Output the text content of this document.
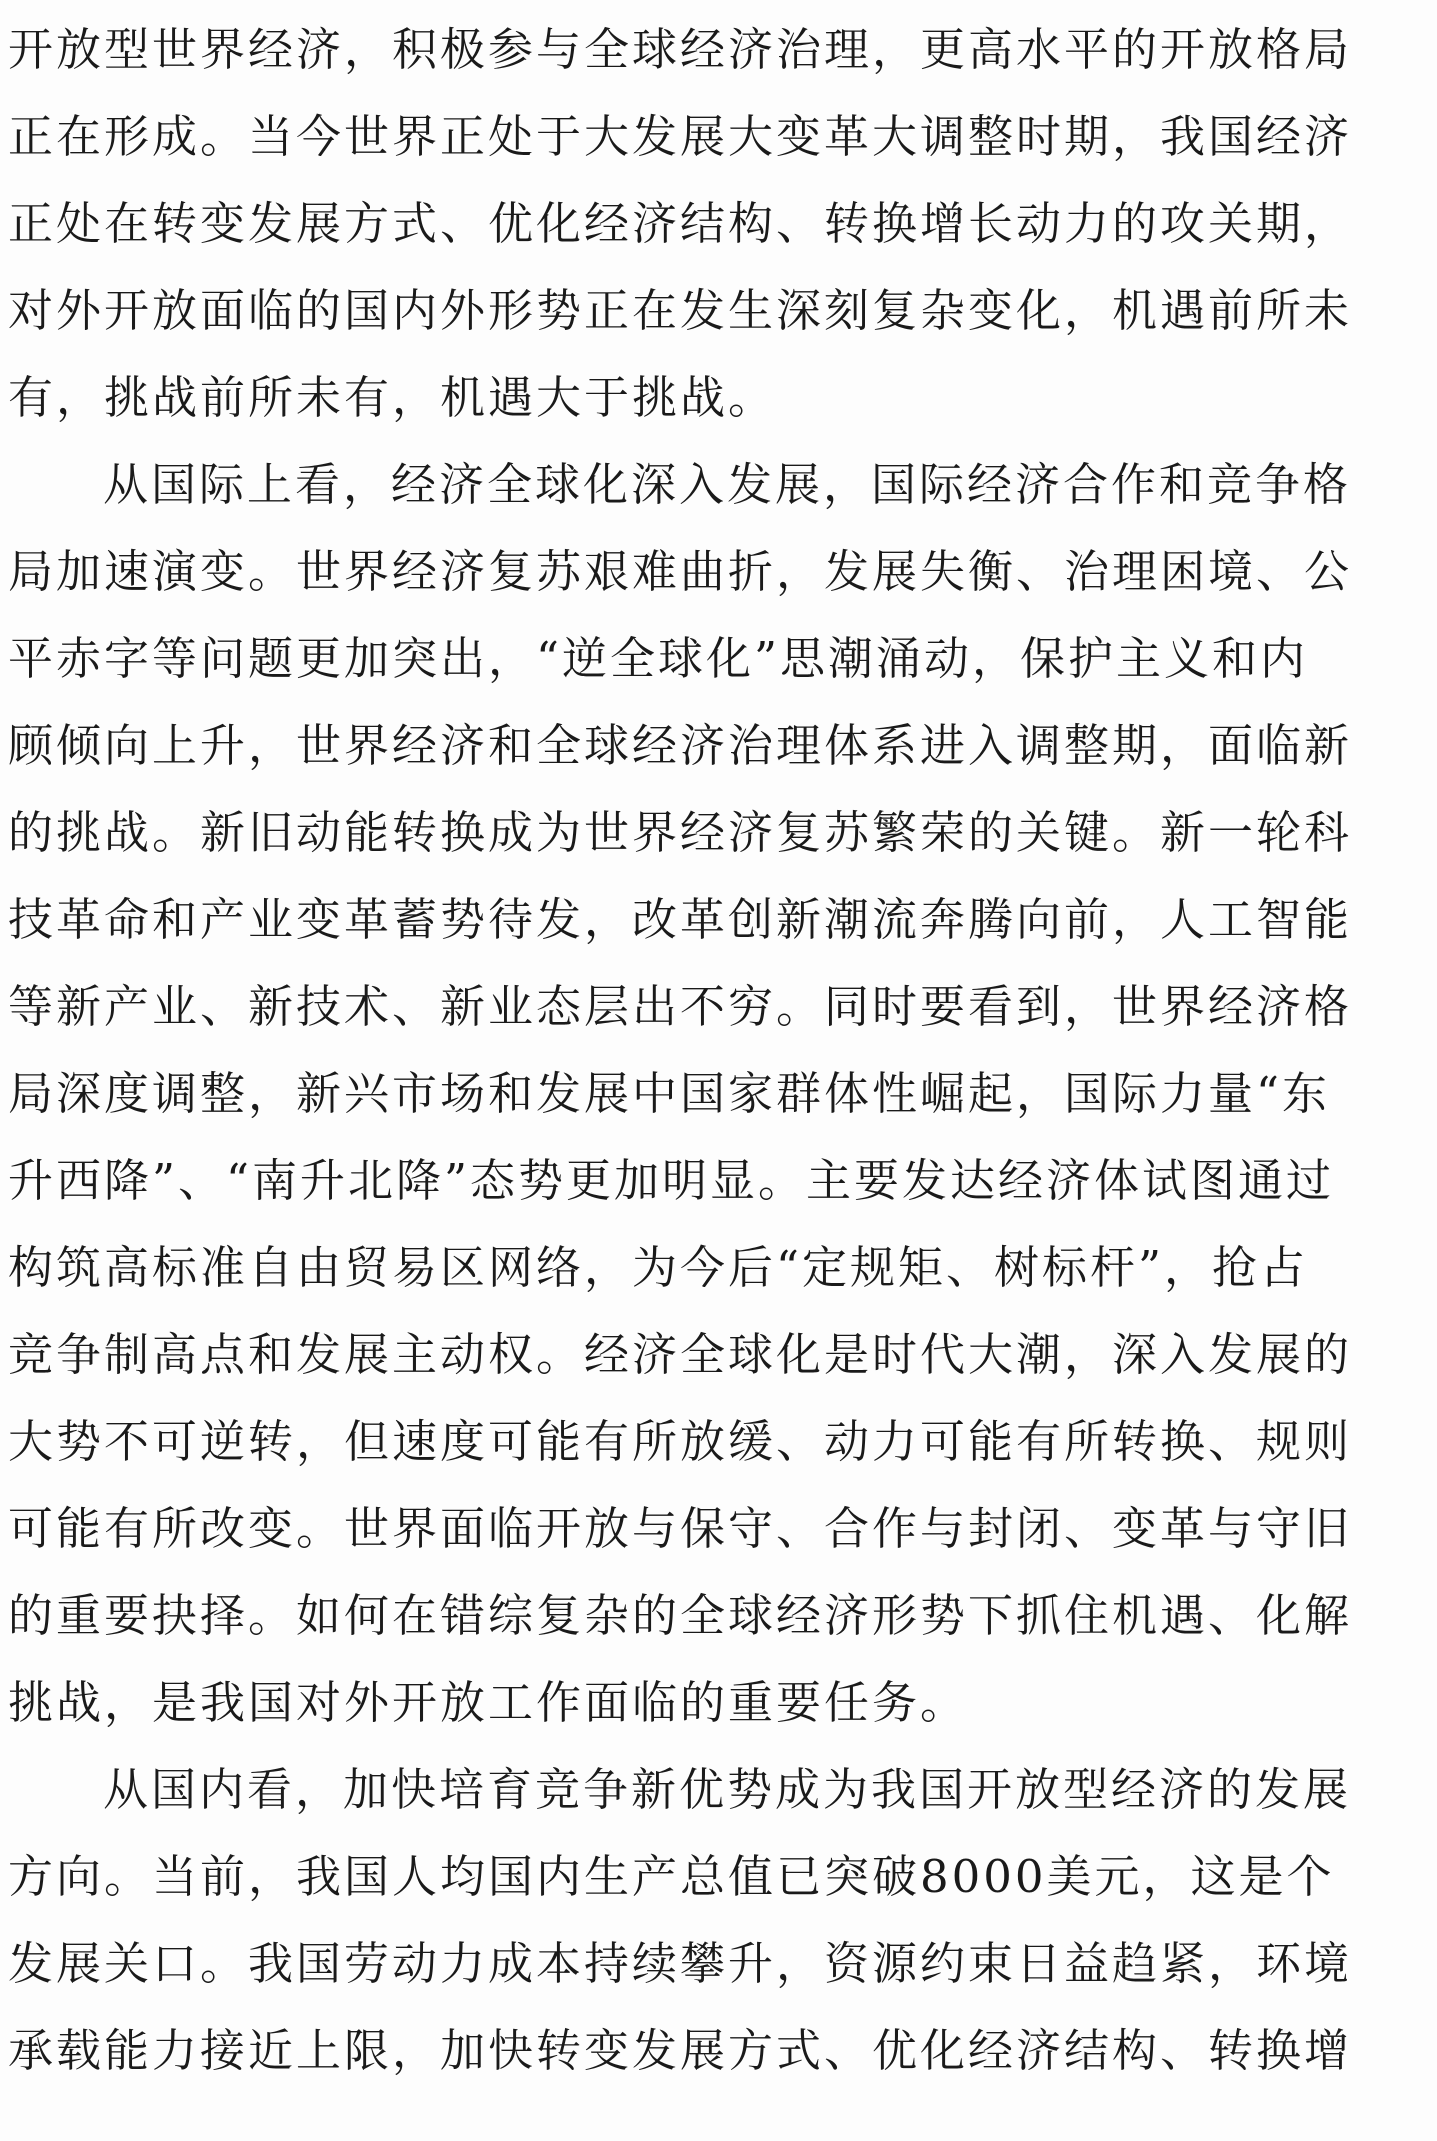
开放型世界经济，积极参与全球经济治理，更高水平的开放格局
正在形成。当今世界正处于大发展大变革大调整时期，我国经济
正处在转变发展方式、优化经济结构、转换增长动力的攻关期，
对外开放面临的国内外形势正在发生深刻复杂变化，机遇前所未
有，挑战前所未有，机遇大于挑战。

从国际上看，经济全球化深入发展，国际经济合作和竞争格
局加速演变。世界经济复苏艰难曲折，发展失衡、治理困境、公
平赤字等问题更加突出，“逆全球化”思潮涌动，保护主义和内
顾倾向上升，世界经济和全球经济治理体系进入调整期，面临新
的挑战。新旧动能转换成为世界经济复苏繁荣的关键。新一轮科
技革命和产业变革蓄势待发，改革创新潮流奔腾向前，人工智能
等新产业、新技术、新业态层出不穷。同时要看到，世界经济格
局深度调整，新兴市场和发展中国家群体性崛起，国际力量“东
升西降”、“南升北降”态势更加明显。主要发达经济体试图通过
构筑高标准自由贸易区网络，为今后“定规矩、树标杆”，抢占
竞争制高点和发展主动权。经济全球化是时代大潮，深入发展的
大势不可逆转，但速度可能有所放缓、动力可能有所转换、规则
可能有所改变。世界面临开放与保守、合作与封闭、变革与守旧
的重要抉择。如何在错综复杂的全球经济形势下抓住机遇、化解
挑战，是我国对外开放工作面临的重要任务。

从国内看，加快培育竞争新优势成为我国开放型经济的发展
方向。当前，我国人均国内生产总值已突破8000美元，这是个
发展关口。我国劳动力成本持续攀升，资源约束日益趋紧，环境
承载能力接近上限，加快转变发展方式、优化经济结构、转换增
